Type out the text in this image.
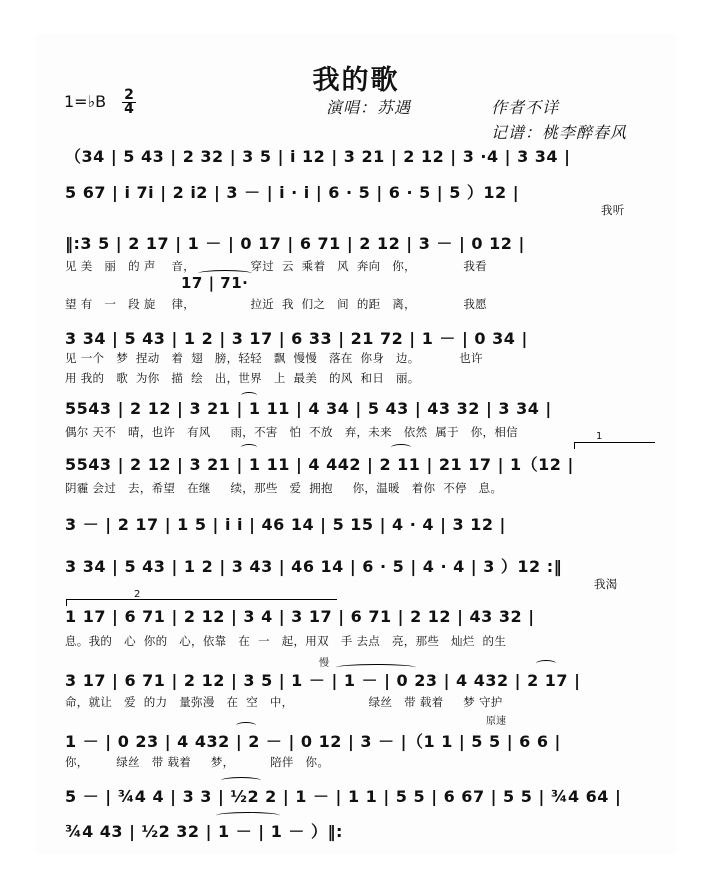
我的歌
1=♭B 2
4	演唱：苏遇	作者不详
记谱：桃李醉春风
（34 | 5 43 | 2 32 | 3 5 | i 12 | 3 21 | 2 12 | 3 ·4 | 3 34 |
5 67 | i 7i | 2 i2 | 3 － | i · i | 6 · 5 | 6 · 5 | 5 ）12 |
我听
‖:3 5 | 2 17 | 1 － | 0 17 | 6 71 | 2 12 | 3 － | 0 12 |
见 美   丽   的 声    音，              穿过  云  乘着   风  奔向   你，            我看
17 | 71·
望 有   一   段 旋    律，              拉近  我  们之   间  的距   离，            我愿
3 34 | 5 43 | 1 2 | 3 17 | 6 33 | 21 72 | 1 － | 0 34 |
见 一个   梦  捏动   着  翅   膀，轻轻   飘  慢慢   落在  你身   边。          也许
用 我的   歌  为你   描  绘   出，世界   上  最美   的风  和日   丽。
5543 | 2 12 | 3 21 | 1 11 | 4 34 | 5 43 | 43 32 | 3 34 |
偶尔 天不   晴，也许   有风     雨，不害   怕  不放   弃，未来   依然  属于   你，相信	1
5543 | 2 12 | 3 21 | 1 11 | 4 442 | 2 11 | 21 17 | 1（12 |
阴霾 会过   去，希望   在继     续，那些   爱  拥抱     你，温暖   着你  不停   息。
3 － | 2 17 | 1 5 | i i | 46 14 | 5 15 | 4 · 4 | 3 12 |
3 34 | 5 43 | 1 2 | 3 43 | 46 14 | 6 · 5 | 4 · 4 | 3 ）12 :‖
我渴
2
1 17 | 6 71 | 2 12 | 3 4 | 3 17 | 6 71 | 2 12 | 43 32 |
息。我的   心  你的   心，依靠   在  一   起，用双   手 去点   亮，那些   灿烂  的生
慢
3 17 | 6 71 | 2 12 | 3 5 | 1 － | 1 － | 0 23 | 4 432 | 2 17 |
命，就让   爱  的力   量弥漫   在  空   中，                   绿丝   带 载着     梦 守护
原速
1 － | 0 23 | 4 432 | 2 － | 0 12 | 3 － |（1 1 | 5 5 | 6 6 |
你，       绿丝   带 载着     梦，         陪伴   你。
5 － | ¾4 4 | 3 3 | ½2 2 | 1 － | 1 1 | 5 5 | 6 67 | 5 5 | ¾4 64 |
¾4 43 | ½2 32 | 1 － | 1 － ）‖:
